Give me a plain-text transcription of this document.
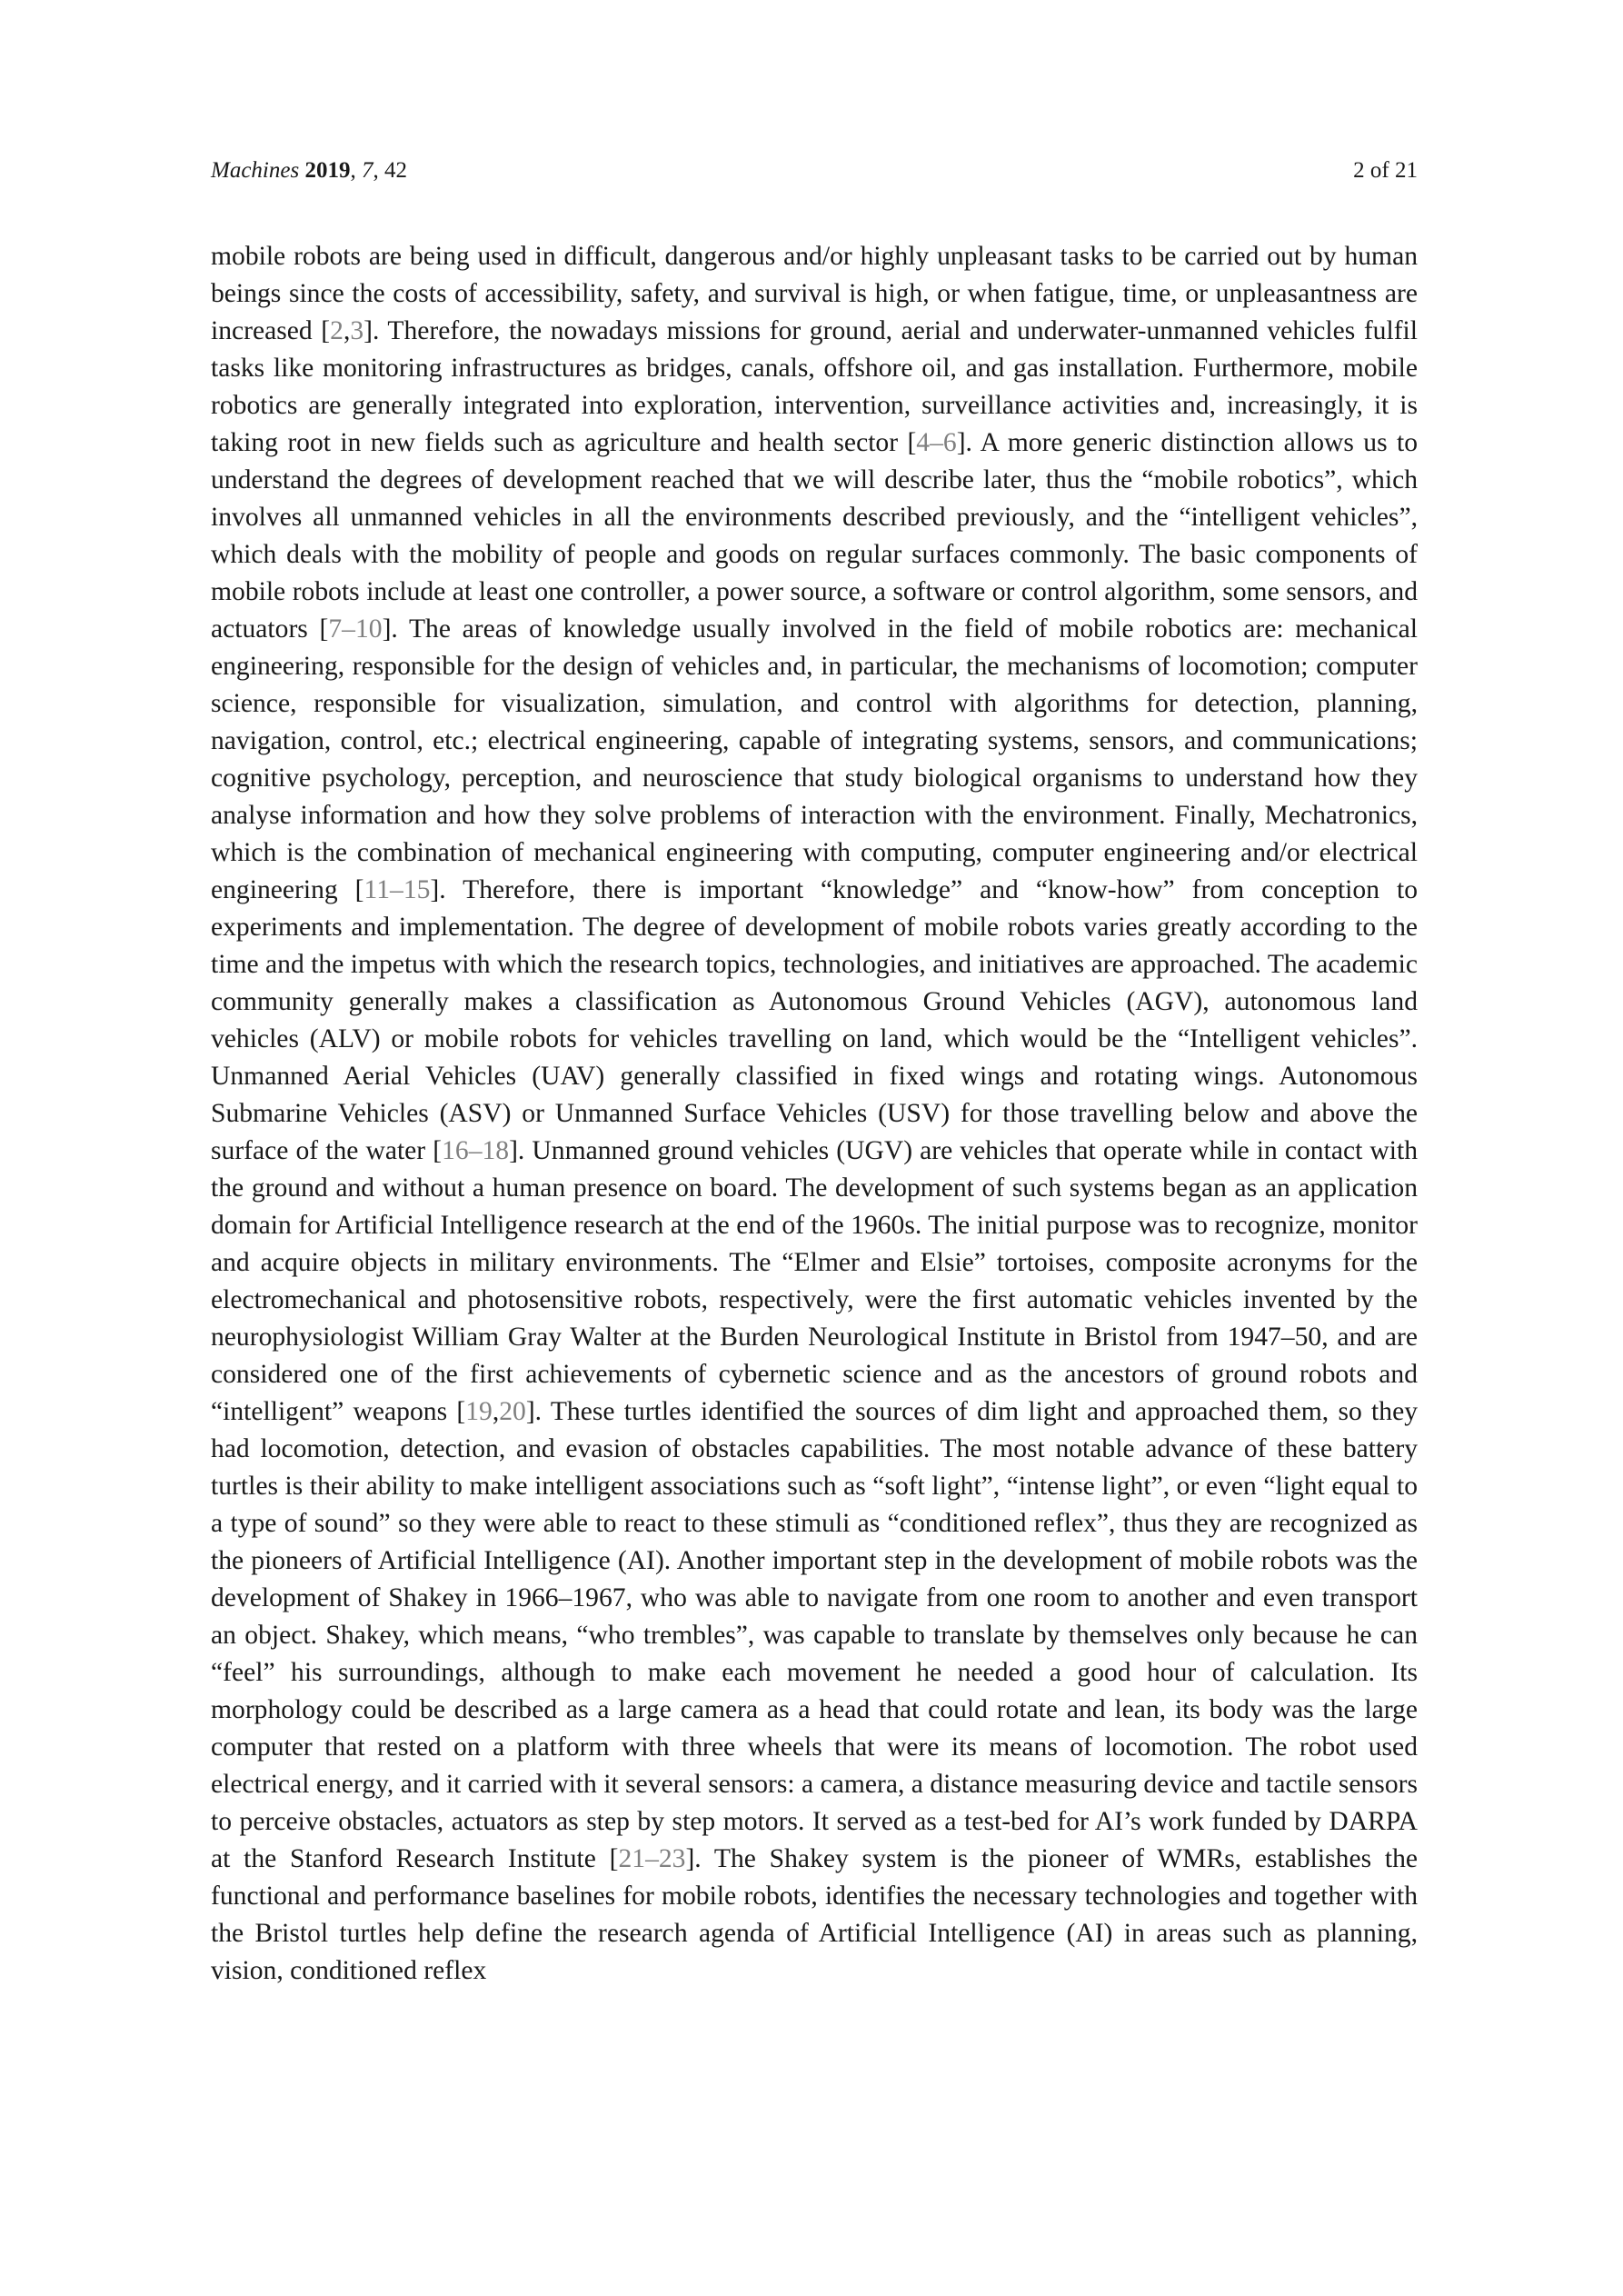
Machines 2019, 7, 42	2 of 21

mobile robots are being used in difficult, dangerous and/or highly unpleasant tasks to be carried out by human beings since the costs of accessibility, safety, and survival is high, or when fatigue, time, or unpleasantness are increased [2,3]. Therefore, the nowadays missions for ground, aerial and underwater-unmanned vehicles fulfil tasks like monitoring infrastructures as bridges, canals, offshore oil, and gas installation. Furthermore, mobile robotics are generally integrated into exploration, intervention, surveillance activities and, increasingly, it is taking root in new fields such as agriculture and health sector [4–6]. A more generic distinction allows us to understand the degrees of development reached that we will describe later, thus the “mobile robotics”, which involves all unmanned vehicles in all the environments described previously, and the “intelligent vehicles”, which deals with the mobility of people and goods on regular surfaces commonly. The basic components of mobile robots include at least one controller, a power source, a software or control algorithm, some sensors, and actuators [7–10]. The areas of knowledge usually involved in the field of mobile robotics are: mechanical engineering, responsible for the design of vehicles and, in particular, the mechanisms of locomotion; computer science, responsible for visualization, simulation, and control with algorithms for detection, planning, navigation, control, etc.; electrical engineering, capable of integrating systems, sensors, and communications; cognitive psychology, perception, and neuroscience that study biological organisms to understand how they analyse information and how they solve problems of interaction with the environment. Finally, Mechatronics, which is the combination of mechanical engineering with computing, computer engineering and/or electrical engineering [11–15]. Therefore, there is important “knowledge” and “know-how” from conception to experiments and implementation. The degree of development of mobile robots varies greatly according to the time and the impetus with which the research topics, technologies, and initiatives are approached. The academic community generally makes a classification as Autonomous Ground Vehicles (AGV), autonomous land vehicles (ALV) or mobile robots for vehicles travelling on land, which would be the “Intelligent vehicles”. Unmanned Aerial Vehicles (UAV) generally classified in fixed wings and rotating wings. Autonomous Submarine Vehicles (ASV) or Unmanned Surface Vehicles (USV) for those travelling below and above the surface of the water [16–18]. Unmanned ground vehicles (UGV) are vehicles that operate while in contact with the ground and without a human presence on board. The development of such systems began as an application domain for Artificial Intelligence research at the end of the 1960s. The initial purpose was to recognize, monitor and acquire objects in military environments. The “Elmer and Elsie” tortoises, composite acronyms for the electromechanical and photosensitive robots, respectively, were the first automatic vehicles invented by the neurophysiologist William Gray Walter at the Burden Neurological Institute in Bristol from 1947–50, and are considered one of the first achievements of cybernetic science and as the ancestors of ground robots and “intelligent” weapons [19,20]. These turtles identified the sources of dim light and approached them, so they had locomotion, detection, and evasion of obstacles capabilities. The most notable advance of these battery turtles is their ability to make intelligent associations such as “soft light”, “intense light”, or even “light equal to a type of sound” so they were able to react to these stimuli as “conditioned reflex”, thus they are recognized as the pioneers of Artificial Intelligence (AI). Another important step in the development of mobile robots was the development of Shakey in 1966–1967, who was able to navigate from one room to another and even transport an object. Shakey, which means, “who trembles”, was capable to translate by themselves only because he can “feel” his surroundings, although to make each movement he needed a good hour of calculation. Its morphology could be described as a large camera as a head that could rotate and lean, its body was the large computer that rested on a platform with three wheels that were its means of locomotion. The robot used electrical energy, and it carried with it several sensors: a camera, a distance measuring device and tactile sensors to perceive obstacles, actuators as step by step motors. It served as a test-bed for AI’s work funded by DARPA at the Stanford Research Institute [21–23]. The Shakey system is the pioneer of WMRs, establishes the functional and performance baselines for mobile robots, identifies the necessary technologies and together with the Bristol turtles help define the research agenda of Artificial Intelligence (AI) in areas such as planning, vision, conditioned reflex
